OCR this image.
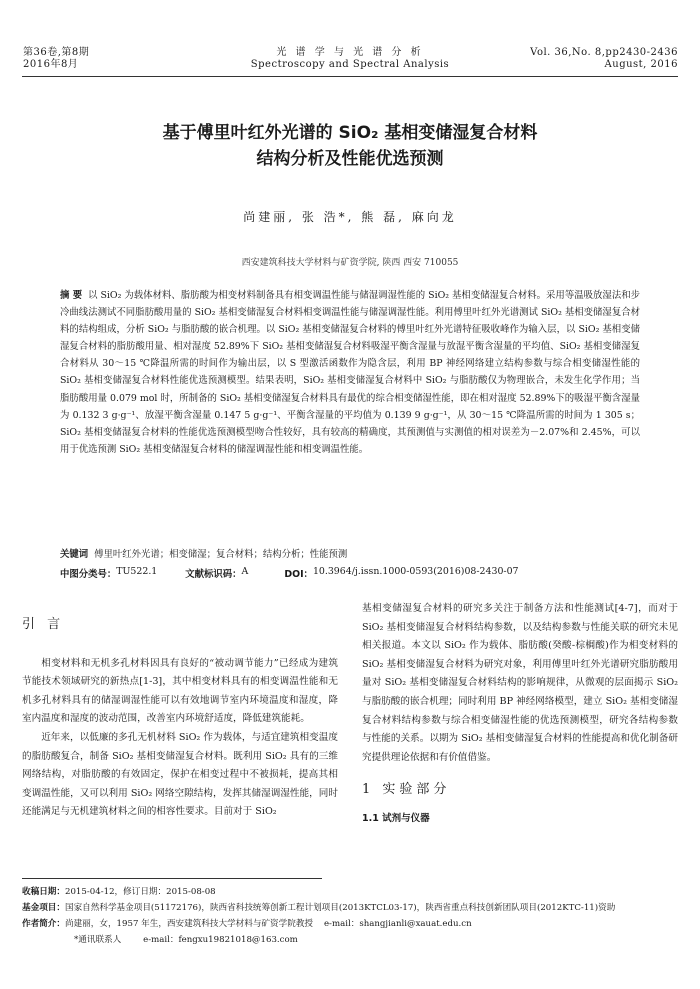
第36卷,第8期
2016年8月
光 谱 学 与 光 谱 分 析
Spectroscopy and Spectral Analysis
Vol. 36,No. 8,pp2430-2436
August, 2016
基于傅里叶红外光谱的 SiO₂ 基相变储湿复合材料
结构分析及性能优选预测
尚建丽, 张 浩*, 熊 磊, 麻向龙
西安建筑科技大学材料与矿资学院, 陕西 西安 710055
摘 要 以 SiO₂ 为载体材料、脂肪酸为相变材料制备具有相变调温性能与储湿调湿性能的 SiO₂ 基相变储湿复合材料。采用等温吸放湿法和步冷曲线法测试不同脂肪酸用量的 SiO₂ 基相变储湿复合材料相变调温性能与储湿调湿性能。利用傅里叶红外光谱测试 SiO₂ 基相变储湿复合材料的结构组成，分析 SiO₂ 与脂肪酸的嵌合机理。以 SiO₂ 基相变储湿复合材料的傅里叶红外光谱特征吸收峰作为输入层，以 SiO₂ 基相变储湿复合材料的脂肪酸用量、相对湿度 52.89%下 SiO₂ 基相变储湿复合材料吸湿平衡含湿量与放湿平衡含湿量的平均值、SiO₂ 基相变储湿复合材料从 30～15 ℃降温所需的时间作为输出层，以 S 型激活函数作为隐含层，利用 BP 神经网络建立结构参数与综合相变储湿性能的 SiO₂ 基相变储湿复合材料性能优选预测模型。结果表明，SiO₂ 基相变储湿复合材料中 SiO₂ 与脂肪酸仅为物理嵌合，未发生化学作用；当脂肪酸用量 0.079 mol 时，所制备的 SiO₂ 基相变储湿复合材料具有最优的综合相变储湿性能，即在相对湿度 52.89%下的吸湿平衡含湿量为 0.132 3 g·g⁻¹、放湿平衡含湿量 0.147 5 g·g⁻¹、平衡含湿量的平均值为 0.139 9 g·g⁻¹，从 30～15 ℃降温所需的时间为 1 305 s；SiO₂ 基相变储湿复合材料的性能优选预测模型吻合性较好，具有较高的精确度，其预测值与实测值的相对误差为－2.07%和 2.45%，可以用于优选预测 SiO₂ 基相变储湿复合材料的储湿调湿性能和相变调温性能。
关键词 傅里叶红外光谱；相变储湿；复合材料；结构分析；性能预测
中图分类号： TU522.1	文献标识码： A	DOI： 10.3964/j.issn.1000-0593(2016)08-2430-07
引 言
相变材料和无机多孔材料因具有良好的“被动调节能力”已经成为建筑节能技术领域研究的新热点[1-3]，其中相变材料具有的相变调温性能和无机多孔材料具有的储湿调湿性能可以有效地调节室内环境温度和湿度，降室内温度和湿度的波动范围，改善室内环境舒适度，降低建筑能耗。
近年来，以低廉的多孔无机材料 SiO₂ 作为载体，与适宜建筑相变温度的脂肪酸复合，制备 SiO₂ 基相变储湿复合材料。既利用 SiO₂ 具有的三维网络结构，对脂肪酸的有效固定，保护在相变过程中不被损耗，提高其相变调温性能，又可以利用 SiO₂ 网络空隙结构，发挥其储湿调湿性能，同时还能满足与无机建筑材料之间的相容性要求。目前对于 SiO₂
基相变储湿复合材料的研究多关注于制备方法和性能测试[4-7]，而对于 SiO₂ 基相变储湿复合材料结构参数，以及结构参数与性能关联的研究未见相关报道。本文以 SiO₂ 作为载体、脂肪酸(癸酸-棕榈酸)作为相变材料的 SiO₂ 基相变储湿复合材料为研究对象，利用傅里叶红外光谱研究脂肪酸用量对 SiO₂ 基相变储湿复合材料结构的影响规律，从微观的层面揭示 SiO₂ 与脂肪酸的嵌合机理；同时利用 BP 神经网络模型，建立 SiO₂ 基相变储湿复合材料结构参数与综合相变储湿性能的优选预测模型，研究各结构参数与性能的关系。以期为 SiO₂ 基相变储湿复合材料的性能提高和优化制备研究提供理论依据和有价值借鉴。
1 实验部分
1.1 试剂与仪器
收稿日期：2015-04-12，修订日期：2015-08-08
基金项目：国家自然科学基金项目(51172176)，陕西省科技统筹创新工程计划项目(2013KTCL03-17)，陕西省重点科技创新团队项目(2012KTC-11)资助
作者简介：尚建丽，女，1957 年生，西安建筑科技大学材料与矿资学院教授 e-mail：shangjianli@xauat.edu.cn
*通讯联系人	e-mail：fengxu19821018@163.com
